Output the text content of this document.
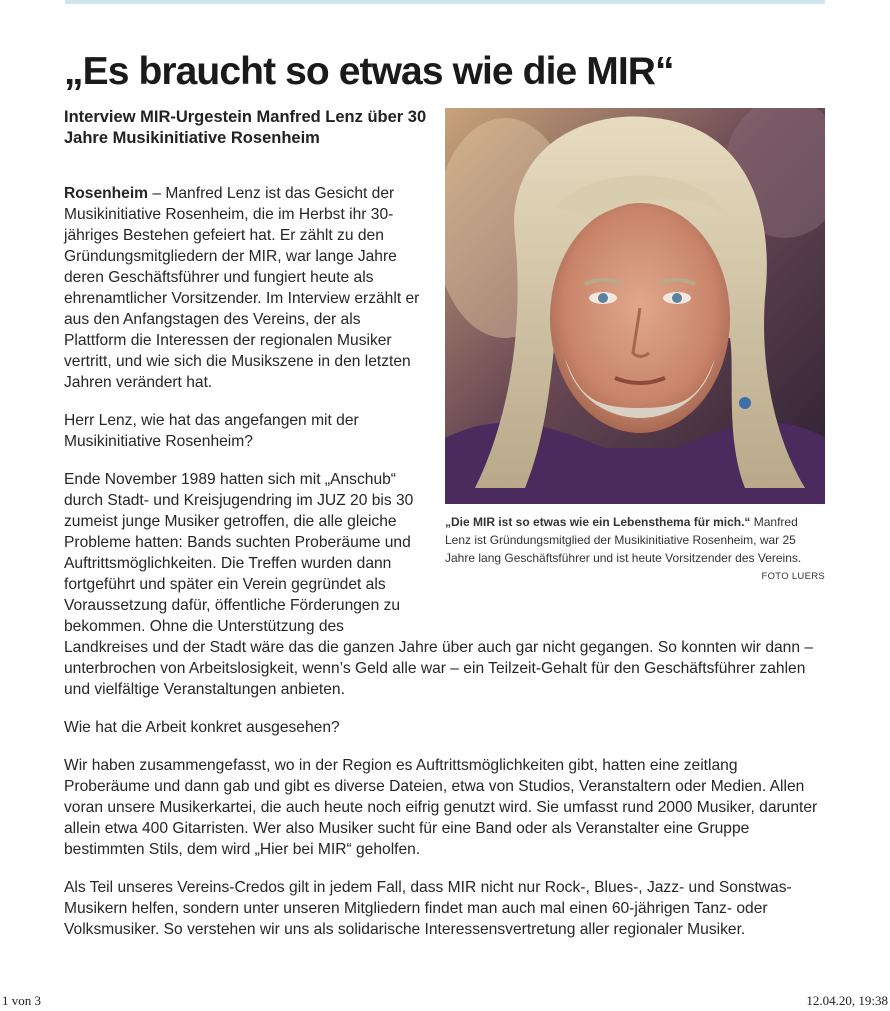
„Es braucht so etwas wie die MIR“

Interview MIR-Urgestein Manfred Lenz über 30 Jahre Musikinitiative Rosenheim

„Die MIR ist so etwas wie ein Lebensthema für mich.“ Manfred Lenz ist Gründungsmitglied der Musikinitiative Rosenheim, war 25 Jahre lang Geschäftsführer und ist heute Vorsitzender des Vereins.
FOTO LUERS

Rosenheim – Manfred Lenz ist das Gesicht der Musikinitiative Rosenheim, die im Herbst ihr 30-jähriges Bestehen gefeiert hat. Er zählt zu den Gründungsmitgliedern der MIR, war lange Jahre deren Geschäftsführer und fungiert heute als ehrenamtlicher Vorsitzender. Im Interview erzählt er aus den Anfangstagen des Vereins, der als Plattform die Interessen der regionalen Musiker vertritt, und wie sich die Musikszene in den letzten Jahren verändert hat.

Herr Lenz, wie hat das angefangen mit der Musikinitiative Rosenheim?

Ende November 1989 hatten sich mit „Anschub“ durch Stadt- und Kreisjugendring im JUZ 20 bis 30 zumeist junge Musiker getroffen, die alle gleiche Probleme hatten: Bands suchten Proberäume und Auftrittsmöglichkeiten. Die Treffen wurden dann fortgeführt und später ein Verein gegründet als Voraussetzung dafür, öffentliche Förderungen zu bekommen. Ohne die Unterstützung des Landkreises und der Stadt wäre das die ganzen Jahre über auch gar nicht gegangen. So konnten wir dann – unterbrochen von Arbeitslosigkeit, wenn’s Geld alle war – ein Teilzeit-Gehalt für den Geschäftsführer zahlen und vielfältige Veranstaltungen anbieten.

Wie hat die Arbeit konkret ausgesehen?

Wir haben zusammengefasst, wo in der Region es Auftrittsmöglichkeiten gibt, hatten eine zeitlang Proberäume und dann gab und gibt es diverse Dateien, etwa von Studios, Veranstaltern oder Medien. Allen voran unsere Musikerkartei, die auch heute noch eifrig genutzt wird. Sie umfasst rund 2000 Musiker, darunter allein etwa 400 Gitarristen. Wer also Musiker sucht für eine Band oder als Veranstalter eine Gruppe bestimmten Stils, dem wird „Hier bei MIR“ geholfen.

Als Teil unseres Vereins-Credos gilt in jedem Fall, dass MIR nicht nur Rock-, Blues-, Jazz- und Sonstwas-Musikern helfen, sondern unter unseren Mitgliedern findet man auch mal einen 60-jährigen Tanz- oder Volksmusiker. So verstehen wir uns als solidarische Interessensvertretung aller regionaler Musiker.

1 von 3	12.04.20, 19:38
